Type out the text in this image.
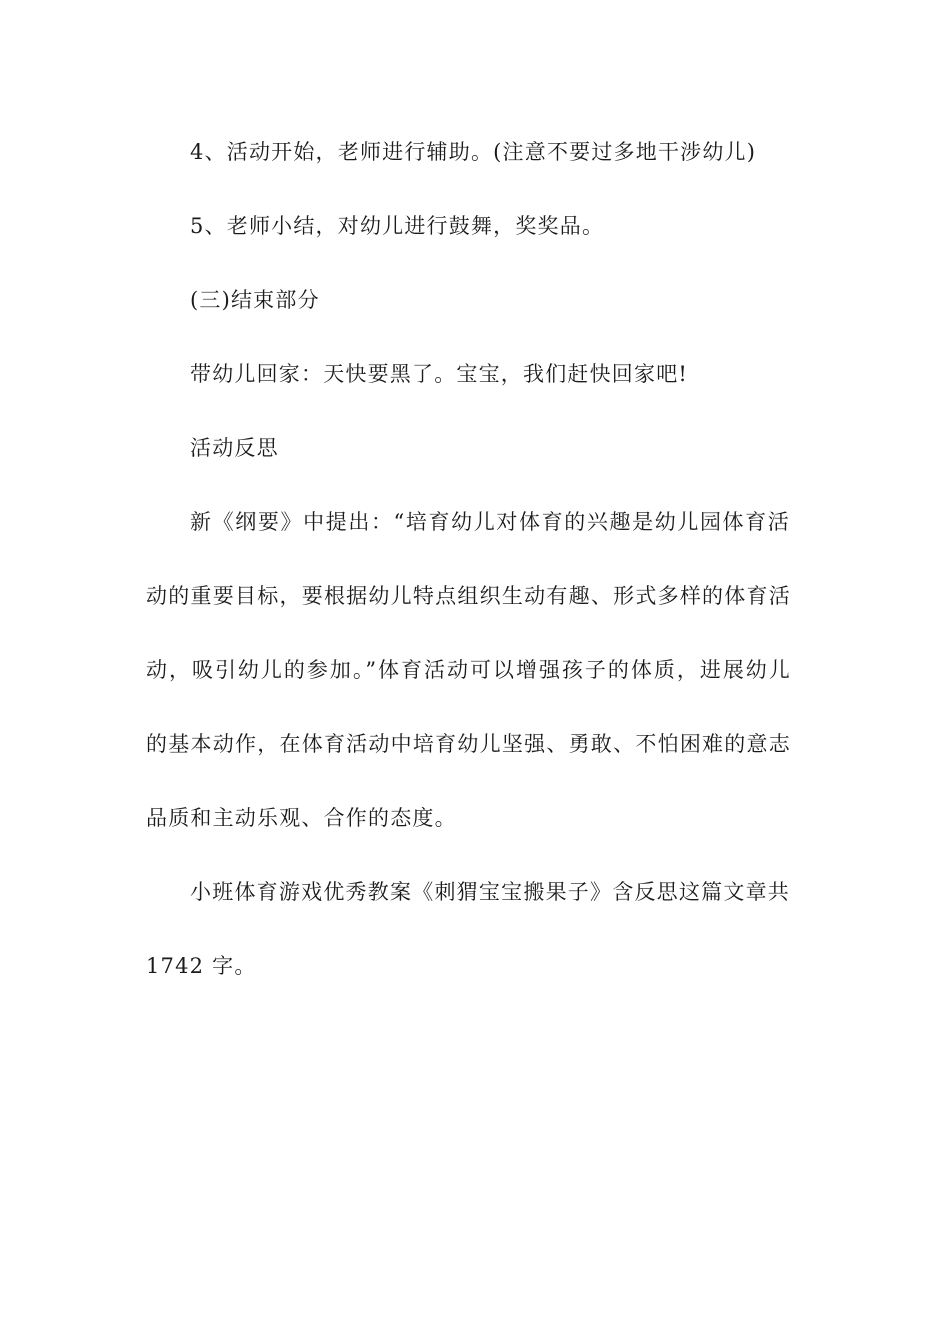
4、活动开始，老师进行辅助。(注意不要过多地干涉幼儿)
5、老师小结，对幼儿进行鼓舞，奖奖品。
(三)结束部分
带幼儿回家：天快要黑了。宝宝，我们赶快回家吧!
活动反思
新《纲要》中提出：“培育幼儿对体育的兴趣是幼儿园体育活
动的重要目标，要根据幼儿特点组织生动有趣、形式多样的体育活
动，吸引幼儿的参加。”体育活动可以增强孩子的体质，进展幼儿
的基本动作，在体育活动中培育幼儿坚强、勇敢、不怕困难的意志
品质和主动乐观、合作的态度。
小班体育游戏优秀教案《刺猬宝宝搬果子》含反思这篇文章共
1742 字。
